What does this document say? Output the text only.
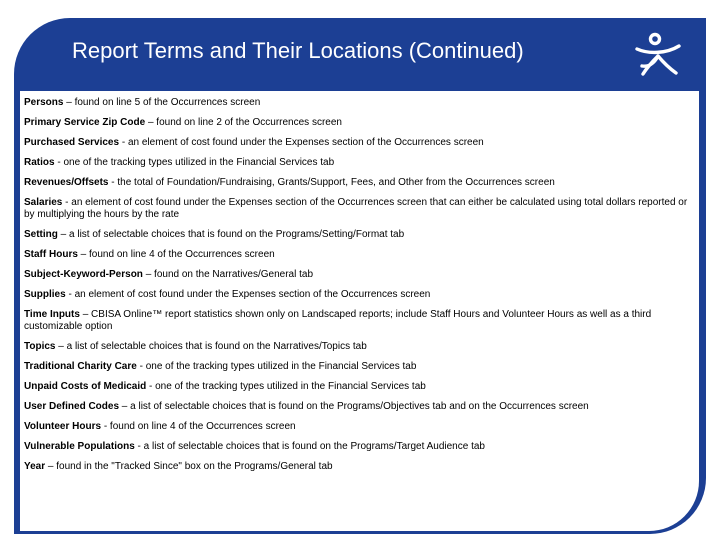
Report Terms and Their Locations (Continued)
Persons – found on line 5 of the Occurrences screen
Primary Service Zip Code – found on line 2 of the Occurrences screen
Purchased Services - an element of cost found under the Expenses section of the Occurrences screen
Ratios - one of the tracking types utilized in the Financial Services tab
Revenues/Offsets - the total of Foundation/Fundraising, Grants/Support, Fees, and Other from the Occurrences screen
Salaries - an element of cost found under the Expenses section of the Occurrences screen that can either be calculated using total dollars reported or by multiplying the hours by the rate
Setting – a list of selectable choices that is found on the Programs/Setting/Format tab
Staff Hours – found on line 4 of the Occurrences screen
Subject-Keyword-Person – found on the Narratives/General tab
Supplies - an element of cost found under the Expenses section of the Occurrences screen
Time Inputs – CBISA Online™ report statistics shown only on Landscaped reports; include Staff Hours and Volunteer Hours as well as a third customizable option
Topics – a list of selectable choices that is found on the Narratives/Topics tab
Traditional Charity Care - one of the tracking types utilized in the Financial Services tab
Unpaid Costs of Medicaid - one of the tracking types utilized in the Financial Services tab
User Defined Codes – a list of selectable choices that is found on the Programs/Objectives tab and on the Occurrences screen
Volunteer Hours - found on line 4 of the Occurrences screen
Vulnerable Populations - a list of selectable choices that is found on the Programs/Target Audience tab
Year – found in the "Tracked Since" box on the Programs/General tab
